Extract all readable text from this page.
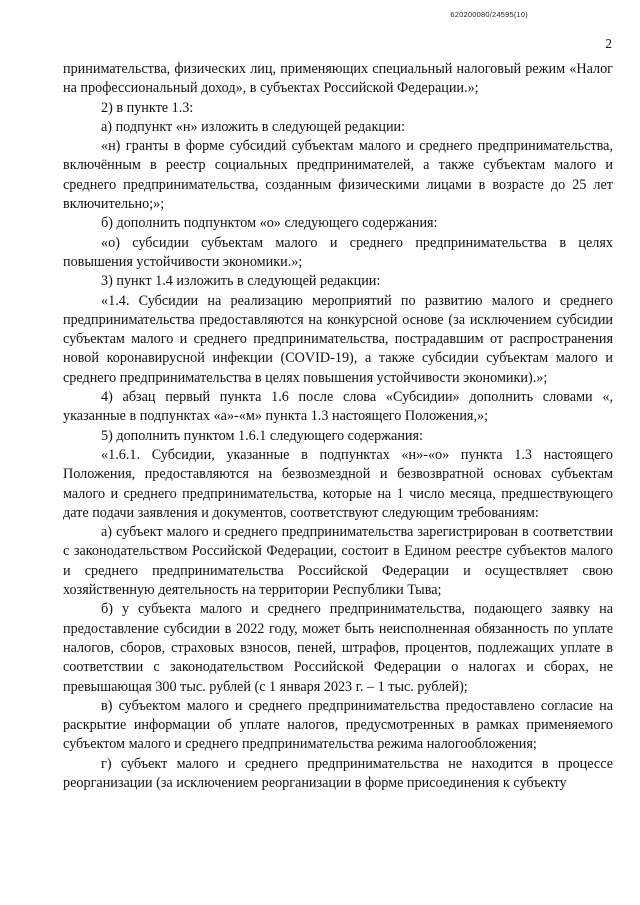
620200080/24595(10)
2

принимательства, физических лиц, применяющих специальный налоговый режим «Налог на профессиональный доход», в субъектах Российской Федерации.»;

2) в пункте 1.3:

а) подпункт «н» изложить в следующей редакции:

«н) гранты в форме субсидий субъектам малого и среднего предпринимательства, включённым в реестр социальных предпринимателей, а также субъектам малого и среднего предпринимательства, созданным физическими лицами в возрасте до 25 лет включительно;»;

б) дополнить подпунктом «о» следующего содержания:

«о) субсидии субъектам малого и среднего предпринимательства в целях повышения устойчивости экономики.»;

3) пункт 1.4 изложить в следующей редакции:

«1.4. Субсидии на реализацию мероприятий по развитию малого и среднего предпринимательства предоставляются на конкурсной основе (за исключением субсидии субъектам малого и среднего предпринимательства, пострадавшим от распространения новой коронавирусной инфекции (COVID-19), а также субсидии субъектам малого и среднего предпринимательства в целях повышения устойчивости экономики).»;

4) абзац первый пункта 1.6 после слова «Субсидии» дополнить словами «, указанные в подпунктах «а»-«м» пункта 1.3 настоящего Положения,»;

5) дополнить пунктом 1.6.1 следующего содержания:

«1.6.1. Субсидии, указанные в подпунктах «н»-«о» пункта 1.3 настоящего Положения, предоставляются на безвозмездной и безвозвратной основах субъектам малого и среднего предпринимательства, которые на 1 число месяца, предшествующего дате подачи заявления и документов, соответствуют следующим требованиям:

а) субъект малого и среднего предпринимательства зарегистрирован в соответствии с законодательством Российской Федерации, состоит в Едином реестре субъектов малого и среднего предпринимательства Российской Федерации и осуществляет свою хозяйственную деятельность на территории Республики Тыва;

б) у субъекта малого и среднего предпринимательства, подающего заявку на предоставление субсидии в 2022 году, может быть неисполненная обязанность по уплате налогов, сборов, страховых взносов, пеней, штрафов, процентов, подлежащих уплате в соответствии с законодательством Российской Федерации о налогах и сборах, не превышающая 300 тыс. рублей (с 1 января 2023 г. – 1 тыс. рублей);

в) субъектом малого и среднего предпринимательства предоставлено согласие на раскрытие информации об уплате налогов, предусмотренных в рамках применяемого субъектом малого и среднего предпринимательства режима налогообложения;

г) субъект малого и среднего предпринимательства не находится в процессе реорганизации (за исключением реорганизации в форме присоединения к субъекту
